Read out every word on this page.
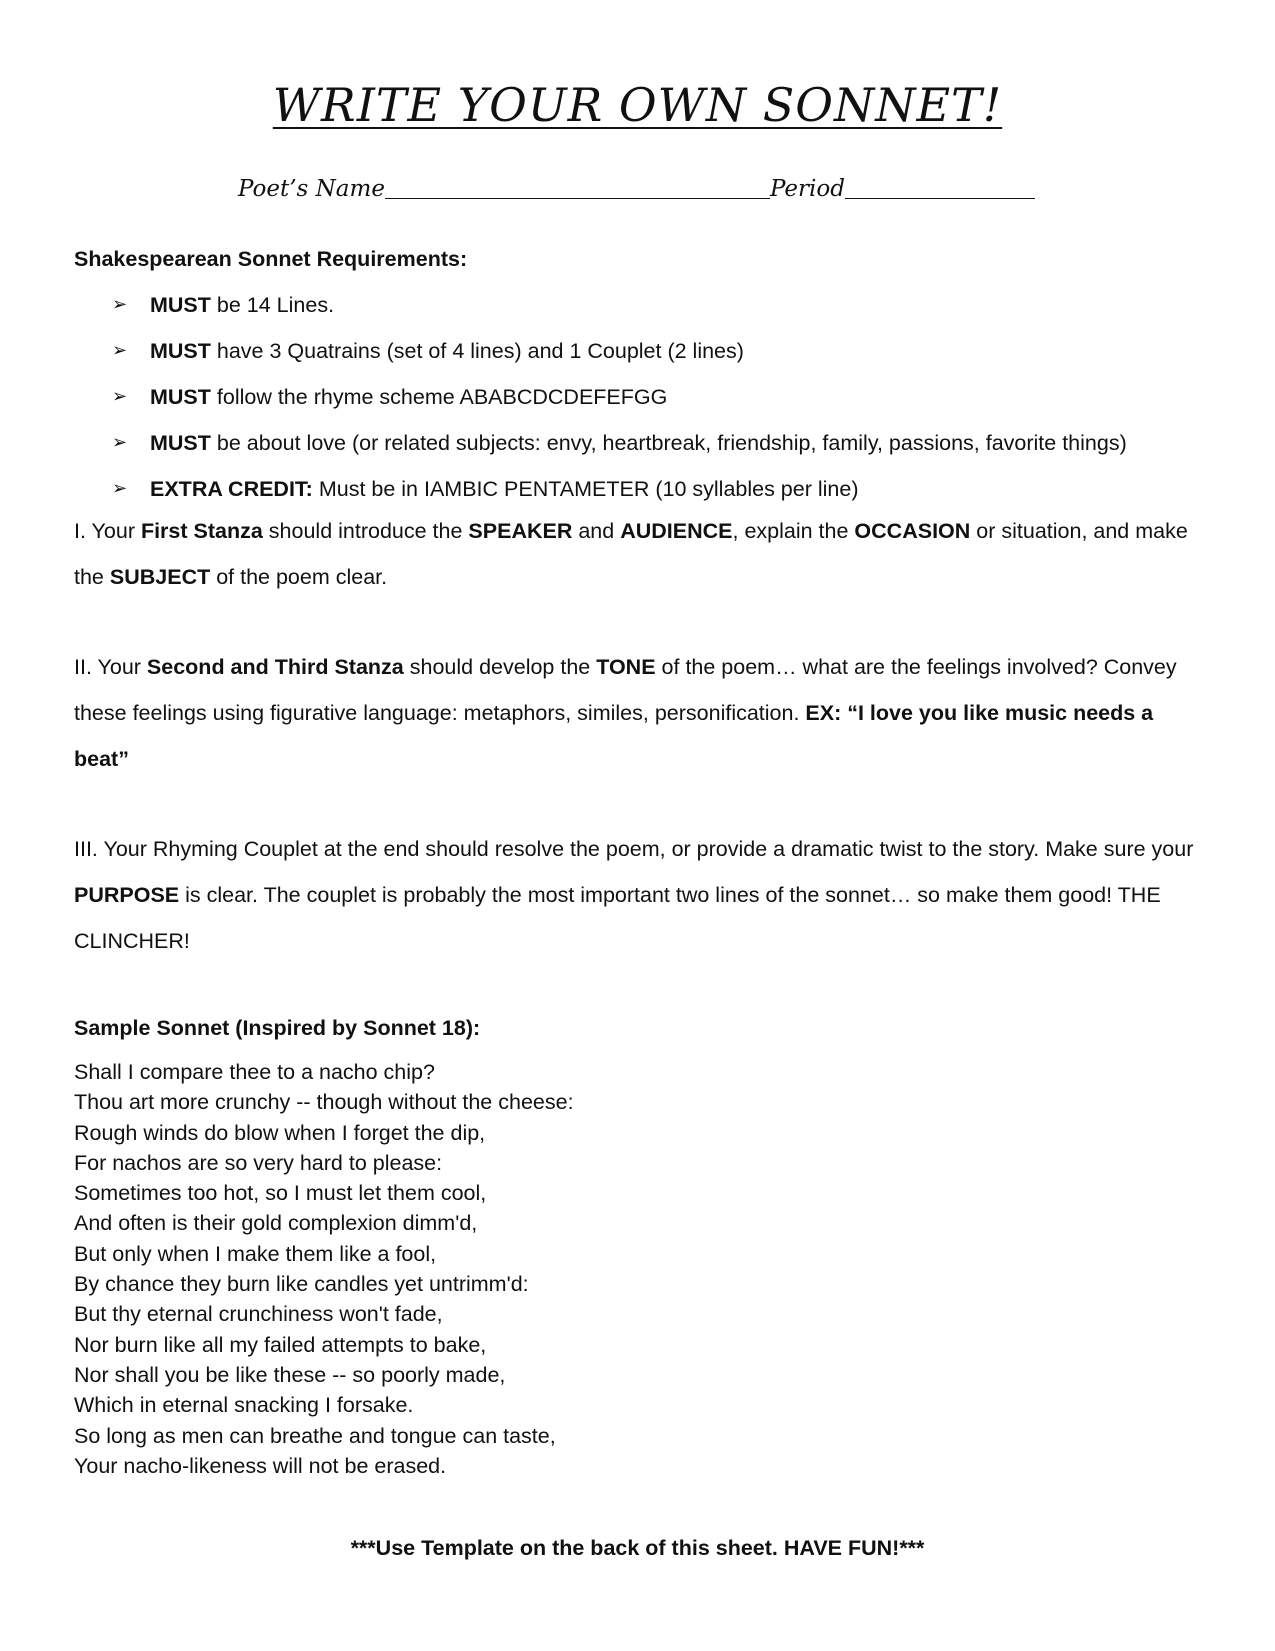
WRITE YOUR OWN SONNET!
Poet’s Name	Period
Shakespearean Sonnet Requirements:
➢	MUST be 14 Lines.
➢	MUST have 3 Quatrains (set of 4 lines) and 1 Couplet (2 lines)
➢	MUST follow the rhyme scheme ABABCDCDEFEFGG
➢	MUST be about love (or related subjects: envy, heartbreak, friendship, family, passions, favorite things)
➢	EXTRA CREDIT: Must be in IAMBIC PENTAMETER (10 syllables per line)
I. Your First Stanza should introduce the SPEAKER and AUDIENCE, explain the OCCASION or situation, and make the SUBJECT of the poem clear.
II. Your Second and Third Stanza should develop the TONE of the poem… what are the feelings involved? Convey these feelings using figurative language: metaphors, similes, personification. EX: “I love you like music needs a beat”
III. Your Rhyming Couplet at the end should resolve the poem, or provide a dramatic twist to the story. Make sure your PURPOSE is clear. The couplet is probably the most important two lines of the sonnet… so make them good! THE CLINCHER!
Sample Sonnet (Inspired by Sonnet 18):
Shall I compare thee to a nacho chip?
Thou art more crunchy -- though without the cheese:
Rough winds do blow when I forget the dip,
For nachos are so very hard to please:
Sometimes too hot, so I must let them cool,
And often is their gold complexion dimm'd,
But only when I make them like a fool,
By chance they burn like candles yet untrimm'd:
But thy eternal crunchiness won't fade,
Nor burn like all my failed attempts to bake,
Nor shall you be like these -- so poorly made,
Which in eternal snacking I forsake.
So long as men can breathe and tongue can taste,
Your nacho-likeness will not be erased.
***Use Template on the back of this sheet. HAVE FUN!***
